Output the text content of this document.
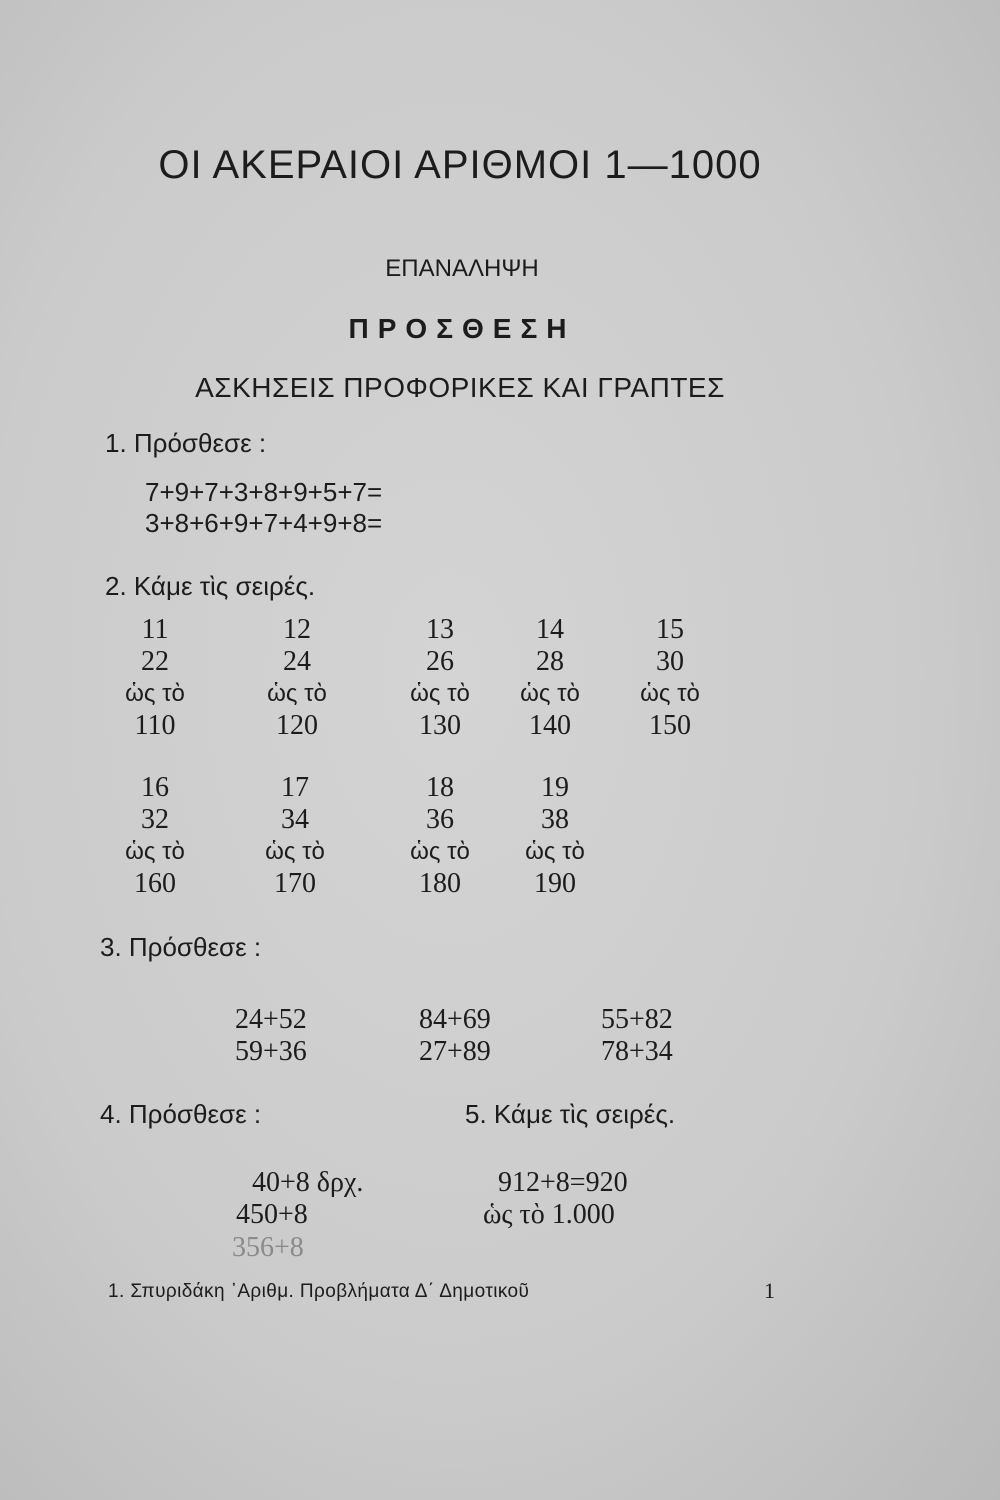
ΟΙ ΑΚΕΡΑΙΟΙ ΑΡΙΘΜΟΙ 1—1000
ΕΠΑΝΑΛΗΨΗ
ΠΡΟΣΘΕΣΗ
ΑΣΚΗΣΕΙΣ ΠΡΟΦΟΡΙΚΕΣ ΚΑΙ ΓΡΑΠΤΕΣ
1. Πρόσθεσε :
7+9+7+3+8+9+5+7=
3+8+6+9+7+4+9+8=
2. Κάμε τὶς σειρές.
11
22
ὡς τὸ
110
12
24
ὡς τὸ
120
13
26
ὡς τὸ
130
14
28
ὡς τὸ
140
15
30
ὡς τὸ
150
16
32
ὡς τὸ
160
17
34
ὡς τὸ
170
18
36
ὡς τὸ
180
19
38
ὡς τὸ
190
3. Πρόσθεσε :
24+52
59+36
84+69
27+89
55+82
78+34
4. Πρόσθεσε :
40+8 δρχ.
450+8
356+8
5. Κάμε τὶς σειρές.
912+8=920
ὡς τὸ 1.000
1. Σπυριδάκη ᾿Αριθμ. Προβλήματα Δ΄ Δημοτικοῦ	1
